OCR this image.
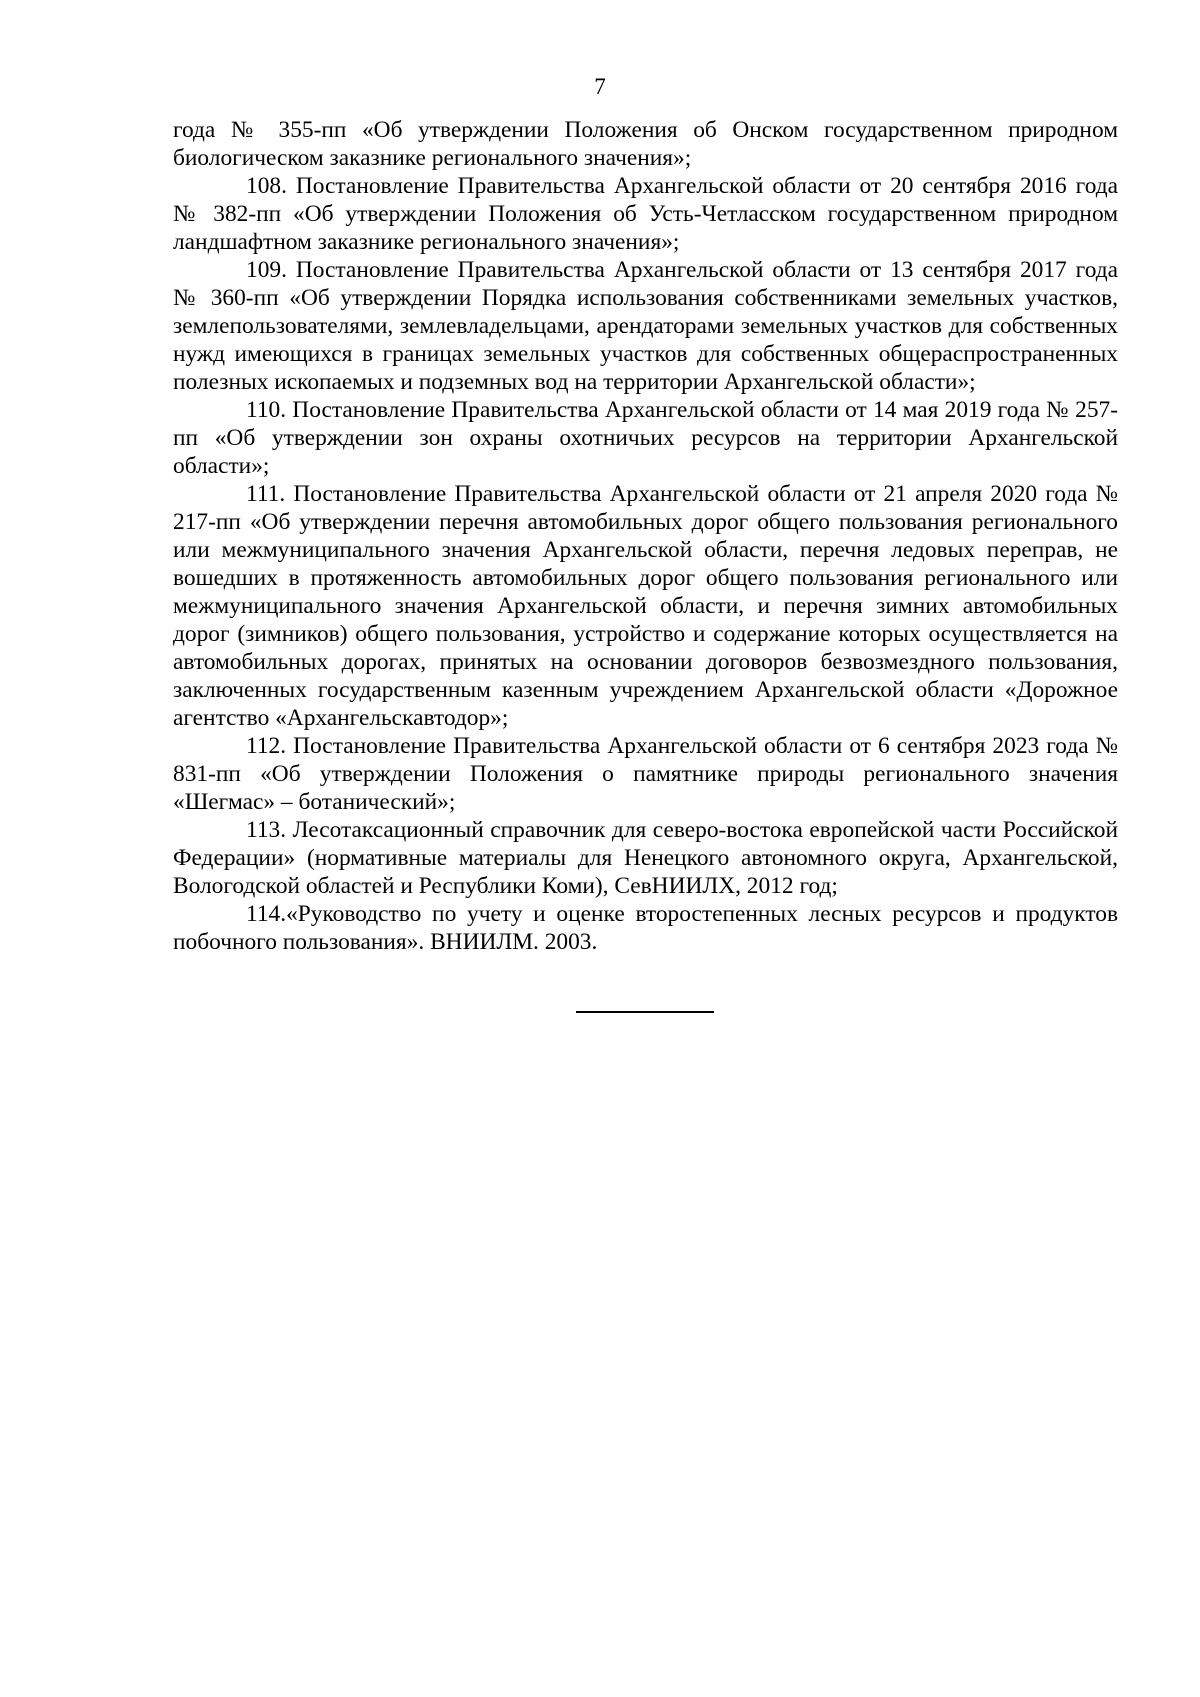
7

года № 355-пп «Об утверждении Положения об Онском государственном природном биологическом заказнике регионального значения»;

108. Постановление Правительства Архангельской области от 20 сентября 2016 года № 382-пп «Об утверждении Положения об Усть-Четласском государственном природном ландшафтном заказнике регионального значения»;

109. Постановление Правительства Архангельской области от 13 сентября 2017 года № 360-пп «Об утверждении Порядка использования собственниками земельных участков, землепользователями, землевладельцами, арендаторами земельных участков для собственных нужд имеющихся в границах земельных участков для собственных общераспространенных полезных ископаемых и подземных вод на территории Архангельской области»;

110. Постановление Правительства Архангельской области от 14 мая 2019 года № 257-пп «Об утверждении зон охраны охотничьих ресурсов на территории Архангельской области»;

111. Постановление Правительства Архангельской области от 21 апреля 2020 года № 217-пп «Об утверждении перечня автомобильных дорог общего пользования регионального или межмуниципального значения Архангельской области, перечня ледовых переправ, не вошедших в протяженность автомобильных дорог общего пользования регионального или межмуниципального значения Архангельской области, и перечня зимних автомобильных дорог (зимников) общего пользования, устройство и содержание которых осуществляется на автомобильных дорогах, принятых на основании договоров безвозмездного пользования, заключенных государственным казенным учреждением Архангельской области «Дорожное агентство «Архангельскавтодор»;

112. Постановление Правительства Архангельской области от 6 сентября 2023 года № 831-пп «Об утверждении Положения о памятнике природы регионального значения «Шегмас» – ботанический»;

113. Лесотаксационный справочник для северо-востока европейской части Российской Федерации» (нормативные материалы для Ненецкого автономного округа, Архангельской, Вологодской областей и Республики Коми), СевНИИЛХ, 2012 год;

114.«Руководство по учету и оценке второстепенных лесных ресурсов и продуктов побочного пользования». ВНИИЛМ. 2003.
